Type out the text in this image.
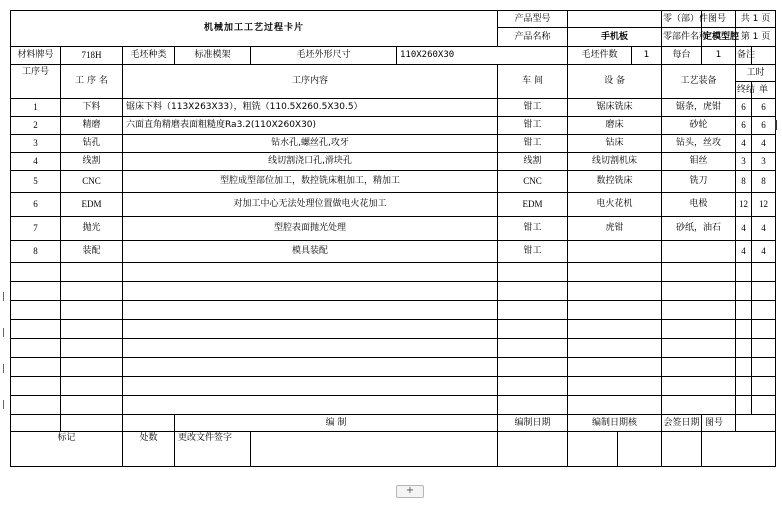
机械加工工艺过程卡片						产品型号				零（部）件图号		共 1 页	
						产品名称	手机板			零部件名称	定模型腔	第 1 页	
材料牌号	718H	毛坯种类	标准模架	毛坯外形尺寸	110X260X30		毛坯件数		1	每台	1	备注	
工序号	工 序 名	工序内容				车 间	设 备			工艺装备		工时	
												终结	单
1	下料	锯床下料（113X263X33），粗铣（110.5X260.5X30.5）				钳工	锯床铣床			锯条，虎钳		6	6
2	精磨	六面直角精磨表面粗糙度Ra3.2(110X260X30)				钳工	磨床			砂轮		6	6
3	钻孔	钻水孔,螺丝孔,攻牙				钳工	钻床			钻头，丝攻		4	4
4	线割	线切割浇口孔,滑块孔				线割	线切割机床			钼丝		3	3
5	CNC	型腔成型部位加工，数控铣床粗加工，精加工				CNC	数控铣床			铣刀		8	8
6	EDM	对加工中心无法处理位置做电火花加工				EDM	电火花机			电极		12	12
7	抛光	型腔表面抛光处理				钳工	虎钳			砂纸，油石		4	4
8	装配	模具装配				钳工						4	4

			编 制			编制日期	编制日期核			会签日期	图号		
标记		处数	更改文件签字										
+
